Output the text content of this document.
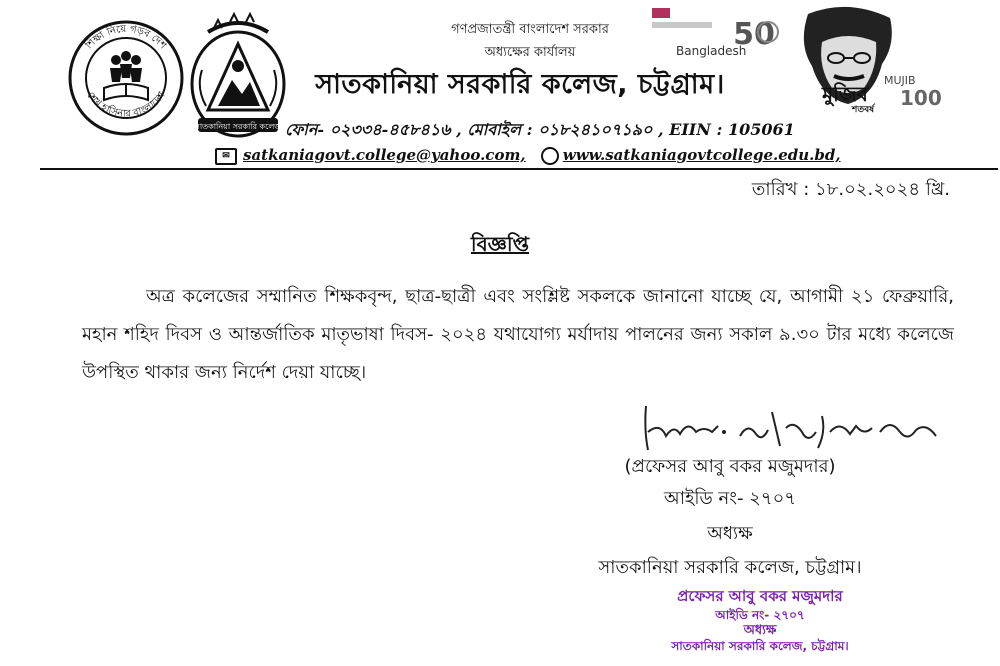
শিক্ষা নিয়ে গড়ব দেশ
শেখ হাসিনার বাংলাদেশ
সাতকানিয়া সরকারি কলেজ
গণপ্রজাতন্ত্রী বাংলাদেশ সরকার
অধ্যক্ষের কার্যালয়
সাতকানিয়া সরকারি কলেজ, চট্টগ্রাম।
50
Bangladesh
মুজিব
শতবর্ষ
MUJIB
100
ফোন- ০২৩৩৪-৪৫৮৪১৬ , মোবাইল : ০১৮২৪১০৭১৯০ , EIIN : 105061
✉ satkaniagovt.college@yahoo.com, www.satkaniagovtcollege.edu.bd,
তারিখ : ১৮.০২.২০২৪ খ্রি.
বিজ্ঞপ্তি
অত্র কলেজের সম্মানিত শিক্ষকবৃন্দ, ছাত্র-ছাত্রী এবং সংশ্লিষ্ট সকলকে জানানো যাচ্ছে যে, আগামী ২১ ফেব্রুয়ারি, মহান শহিদ দিবস ও আন্তর্জাতিক মাতৃভাষা দিবস- ২০২৪ যথাযোগ্য মর্যাদায় পালনের জন্য সকাল ৯.৩০ টার মধ্যে কলেজে উপস্থিত থাকার জন্য নির্দেশ দেয়া যাচ্ছে।
(প্রফেসর আবু বকর মজুমদার)
আইডি নং- ২৭০৭
অধ্যক্ষ
সাতকানিয়া সরকারি কলেজ, চট্টগ্রাম।
প্রফেসর আবু বকর মজুমদার
আইডি নং- ২৭০৭
অধ্যক্ষ
সাতকানিয়া সরকারি কলেজ, চট্টগ্রাম।
